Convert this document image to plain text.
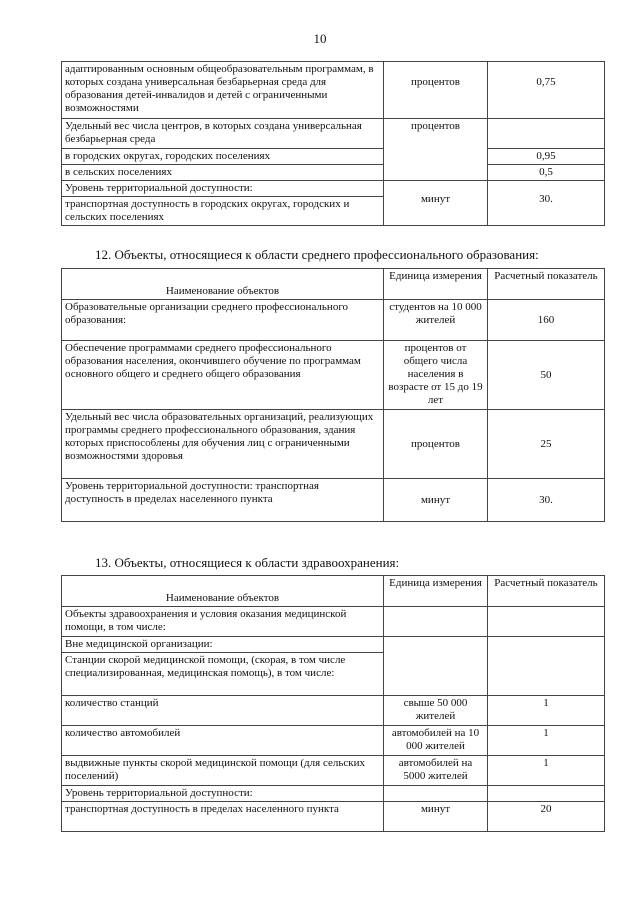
10
адаптированным основным общеобразовательным программам, в которых создана универсальная безбарьерная среда для образования детей-инвалидов и детей с ограниченными возможностями	процентов	0,75
Удельный вес числа центров, в которых создана универсальная безбарьерная среда	процентов	
в городских округах, городских поселениях		0,95
в сельских поселениях		0,5
Уровень территориальной доступности:	минут	30.
транспортная доступность в городских округах, городских и сельских поселениях		
12. Объекты, относящиеся к области среднего профессионального образования:
Наименование объектов	Единица измерения	Расчетный показатель
Образовательные организации среднего профессионального образования:	студентов на 10 000 жителей	160
Обеспечение программами среднего профессионального образования населения, окончившего обучение по программам основного общего и среднего общего образования	процентов от общего числа населения в возрасте от 15 до 19 лет	50
Удельный вес числа образовательных организаций, реализующих программы среднего профессионального образования, здания которых приспособлены для обучения лиц с ограниченными возможностями здоровья	процентов	25
Уровень территориальной доступности: транспортная доступность в пределах населенного пункта	минут	30.
13. Объекты, относящиеся к области здравоохранения:
Наименование объектов	Единица измерения	Расчетный показатель
Объекты здравоохранения и условия оказания медицинской помощи, в том числе:		
Вне медицинской организации:		
Станции скорой медицинской помощи, (скорая, в том числе специализированная, медицинская помощь), в том числе:		
количество станций	свыше 50 000 жителей	1
количество автомобилей	автомобилей на 10 000 жителей	1
выдвижные пункты скорой медицинской помощи (для сельских поселений)	автомобилей на 5000 жителей	1
Уровень территориальной доступности:		
транспортная доступность в пределах населенного пункта	минут	20
